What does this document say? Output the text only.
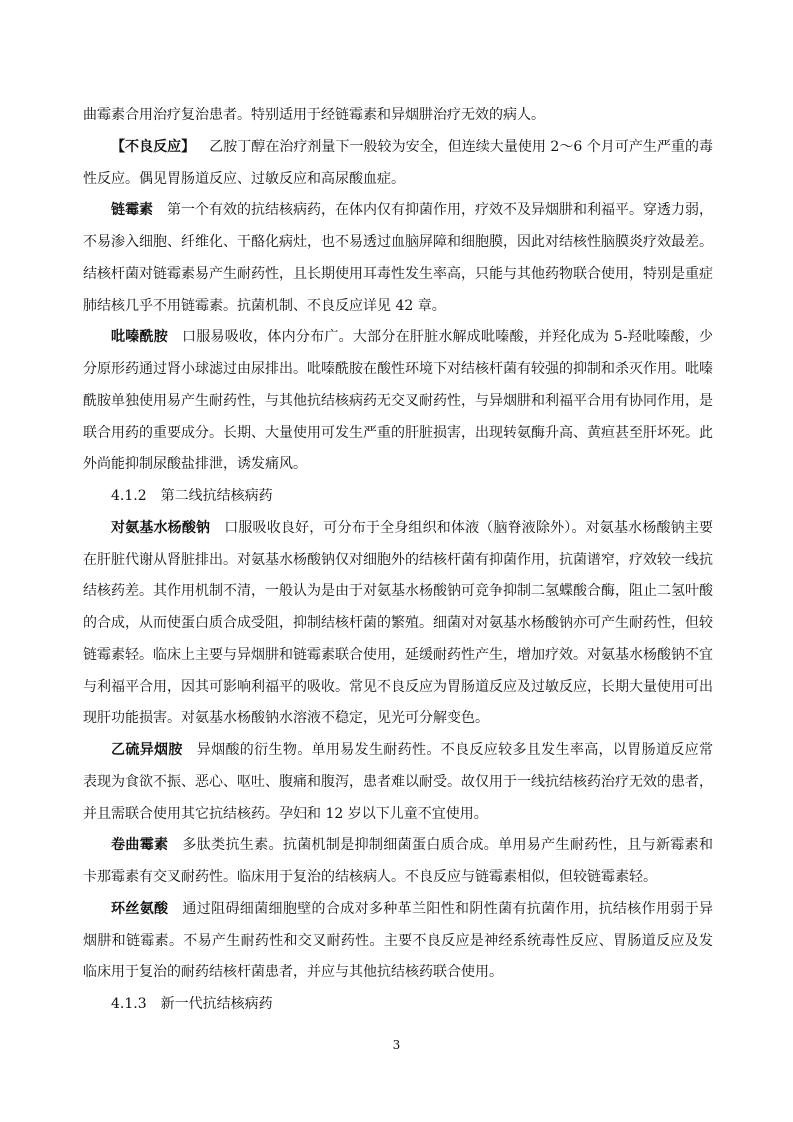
曲霉素合用治疗复治患者。特别适用于经链霉素和异烟肼治疗无效的病人。
【不良反应】 乙胺丁醇在治疗剂量下一般较为安全，但连续大量使用 2～6 个月可产生严重的毒
性反应。偶见胃肠道反应、过敏反应和高尿酸血症。
链霉素 第一个有效的抗结核病药，在体内仅有抑菌作用，疗效不及异烟肼和利福平。穿透力弱，
不易渗入细胞、纤维化、干酪化病灶，也不易透过血脑屏障和细胞膜，因此对结核性脑膜炎疗效最差。
结核杆菌对链霉素易产生耐药性，且长期使用耳毒性发生率高，只能与其他药物联合使用，特别是重症
肺结核几乎不用链霉素。抗菌机制、不良反应详见 42 章。
吡嗪酰胺 口服易吸收，体内分布广。大部分在肝脏水解成吡嗪酸，并羟化成为 5-羟吡嗪酸，少
分原形药通过肾小球滤过由尿排出。吡嗪酰胺在酸性环境下对结核杆菌有较强的抑制和杀灭作用。吡嗪
酰胺单独使用易产生耐药性，与其他抗结核病药无交叉耐药性，与异烟肼和利福平合用有协同作用，是
联合用药的重要成分。长期、大量使用可发生严重的肝脏损害，出现转氨酶升高、黄疸甚至肝坏死。此
外尚能抑制尿酸盐排泄，诱发痛风。
4.1.2　第二线抗结核病药
对氨基水杨酸钠 口服吸收良好，可分布于全身组织和体液（脑脊液除外）。对氨基水杨酸钠主要
在肝脏代谢从肾脏排出。对氨基水杨酸钠仅对细胞外的结核杆菌有抑菌作用，抗菌谱窄，疗效较一线抗
结核药差。其作用机制不清，一般认为是由于对氨基水杨酸钠可竞争抑制二氢蝶酸合酶，阻止二氢叶酸
的合成，从而使蛋白质合成受阻，抑制结核杆菌的繁殖。细菌对对氨基水杨酸钠亦可产生耐药性，但较
链霉素轻。临床上主要与异烟肼和链霉素联合使用，延缓耐药性产生，增加疗效。对氨基水杨酸钠不宜
与利福平合用，因其可影响利福平的吸收。常见不良反应为胃肠道反应及过敏反应，长期大量使用可出
现肝功能损害。对氨基水杨酸钠水溶液不稳定，见光可分解变色。
乙硫异烟胺 异烟酸的衍生物。单用易发生耐药性。不良反应较多且发生率高，以胃肠道反应常
表现为食欲不振、恶心、呕吐、腹痛和腹泻，患者难以耐受。故仅用于一线抗结核药治疗无效的患者，
并且需联合使用其它抗结核药。孕妇和 12 岁以下儿童不宜使用。
卷曲霉素 多肽类抗生素。抗菌机制是抑制细菌蛋白质合成。单用易产生耐药性，且与新霉素和
卡那霉素有交叉耐药性。临床用于复治的结核病人。不良反应与链霉素相似，但较链霉素轻。
环丝氨酸 通过阻碍细菌细胞壁的合成对多种革兰阳性和阴性菌有抗菌作用，抗结核作用弱于异
烟肼和链霉素。不易产生耐药性和交叉耐药性。主要不良反应是神经系统毒性反应、胃肠道反应及发
临床用于复治的耐药结核杆菌患者，并应与其他抗结核药联合使用。
4.1.3　新一代抗结核病药
3
